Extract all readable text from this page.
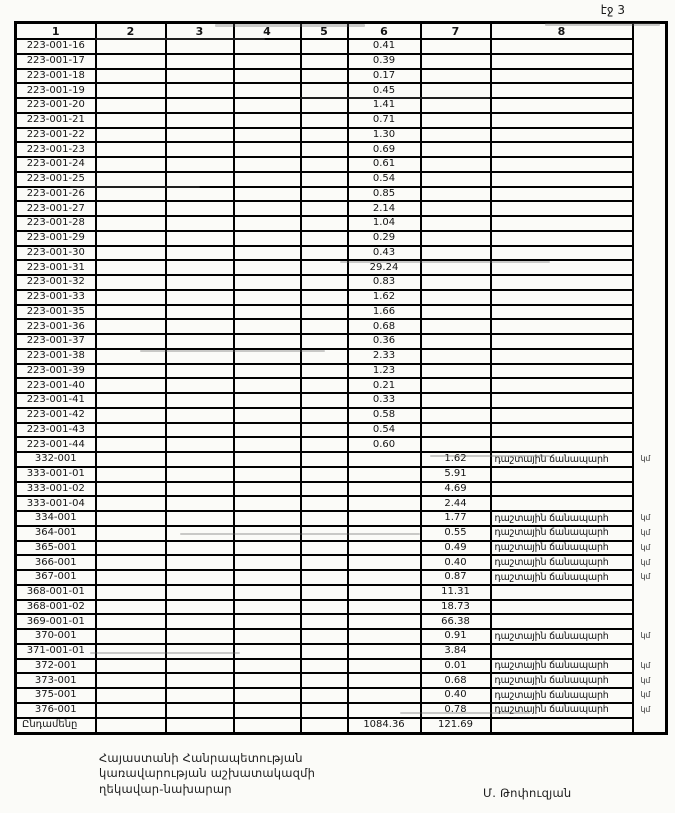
էջ 3
1	2	3	4	5	6	7	8	
223-001-16					0.41			
223-001-17					0.39			
223-001-18					0.17			
223-001-19					0.45			
223-001-20					1.41			
223-001-21					0.71			
223-001-22					1.30			
223-001-23					0.69			
223-001-24					0.61			
223-001-25					0.54			
223-001-26					0.85			
223-001-27					2.14			
223-001-28					1.04			
223-001-29					0.29			
223-001-30					0.43			
223-001-31					29.24			
223-001-32					0.83			
223-001-33					1.62			
223-001-35					1.66			
223-001-36					0.68			
223-001-37					0.36			
223-001-38					2.33			
223-001-39					1.23			
223-001-40					0.21			
223-001-41					0.33			
223-001-42					0.58			
223-001-43					0.54			
223-001-44					0.60			
332-001						1.62	դաշտային ճանապարհ	կմ
333-001-01						5.91		
333-001-02						4.69		
333-001-04						2.44		
334-001						1.77	դաշտային ճանապարհ	կմ
364-001						0.55	դաշտային ճանապարհ	կմ
365-001						0.49	դաշտային ճանապարհ	կմ
366-001						0.40	դաշտային ճանապարհ	կմ
367-001						0.87	դաշտային ճանապարհ	կմ
368-001-01						11.31		
368-001-02						18.73		
369-001-01						66.38		
370-001						0.91	դաշտային ճանապարհ	կմ
371-001-01						3.84		
372-001						0.01	դաշտային ճանապարհ	կմ
373-001						0.68	դաշտային ճանապարհ	կմ
375-001						0.40	դաշտային ճանապարհ	կմ
376-001						0.78	դաշտային ճանապարհ	կմ
Ընդամենը					1084.36	121.69		
Հայաստանի Հանրապետության
կառավարության աշխատակազմի
ղեկավար-նախարար	Մ. Թոփուզյան
